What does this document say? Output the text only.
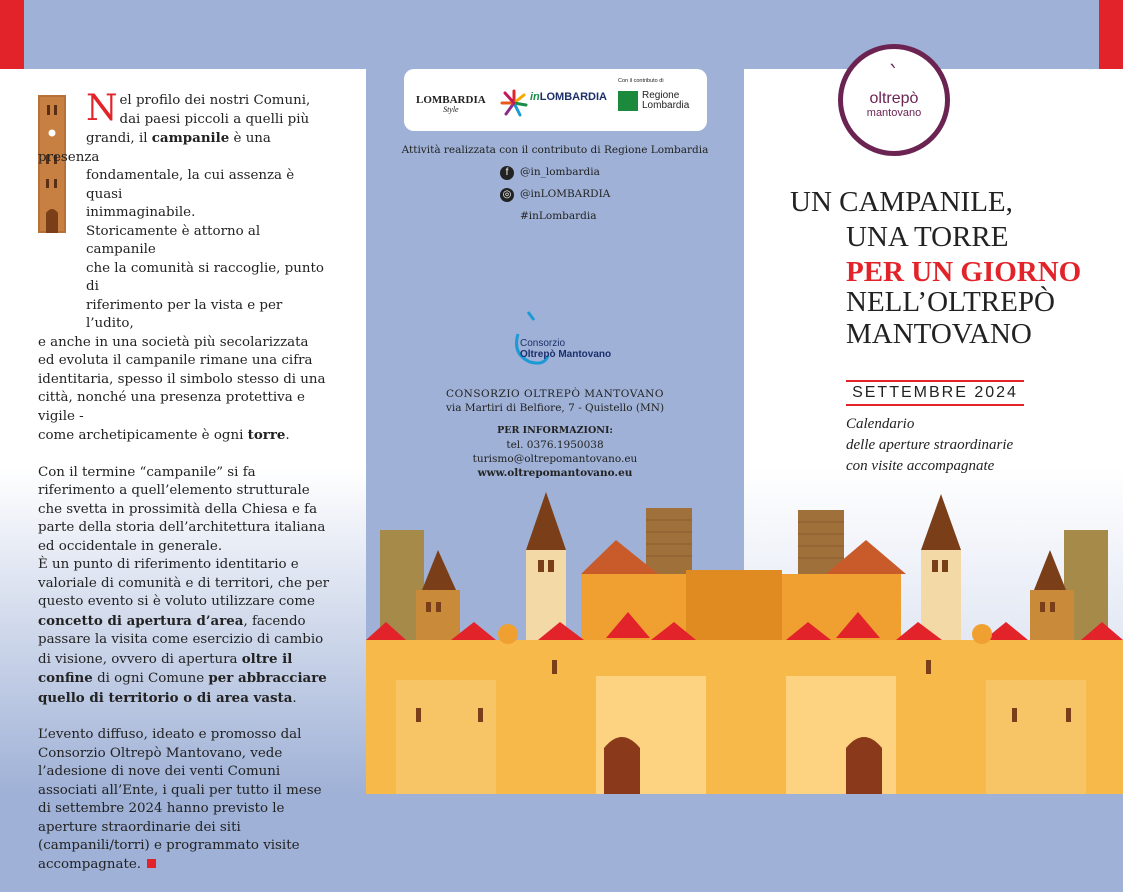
N el profilo dei nostri Comuni,

dai paesi piccoli a quelli più
grandi, il campanile è una presenza

fondamentale, la cui assenza è quasi
inimmaginabile.
Storicamente è attorno al campanile
che la comunità si raccoglie, punto di
riferimento per la vista e per l’udito,
e anche in una società più secolarizzata
ed evoluta il campanile rimane una cifra
identitaria, spesso il simbolo stesso di una
città, nonché una presenza protettiva e vigile -
come archetipicamente è ogni torre.

Con il termine “campanile” si fa riferimento a quell’elemento strutturale che svetta in prossimità della Chiesa e fa parte della storia dell’architettura italiana ed occidentale in generale.

È un punto di riferimento identitario e valoriale di comunità e di territori, che per questo evento si è voluto utilizzare come concetto di apertura d’area, facendo passare la visita come esercizio di cambio di visione, ovvero di apertura oltre il confine di ogni Comune per abbracciare quello di territorio o di area vasta.

L’evento diffuso, ideato e promosso dal Consorzio Oltrepò Mantovano, vede l’adesione di nove dei venti Comuni associati all’Ente, i quali per tutto il mese di settembre 2024 hanno previsto le aperture straordinarie dei siti (campanili/torri) e programmato visite accompagnate.

LOMBARDIA
Style
inLOMBARDIA
Con il contributo di
Regione
Lombardia
Attività realizzata con il contributo di Regione Lombardia
f @in_lombardia
◎ @inLOMBARDIA
#inLombardia
Consorzio
Oltrepò Mantovano
CONSORZIO OLTREPÒ MANTOVANO
via Martiri di Belfiore, 7 - Quistello (MN)
PER INFORMAZIONI:
tel. 0376.1950038
turismo@oltrepomantovano.eu
www.oltrepomantovano.eu
`
oltrepò
mantovano
UN CAMPANILE,
UNA TORRE
PER UN GIORNO
NELL’OLTREPÒ
MANTOVANO
SETTEMBRE 2024
Calendario
delle aperture straordinarie
con visite accompagnate
